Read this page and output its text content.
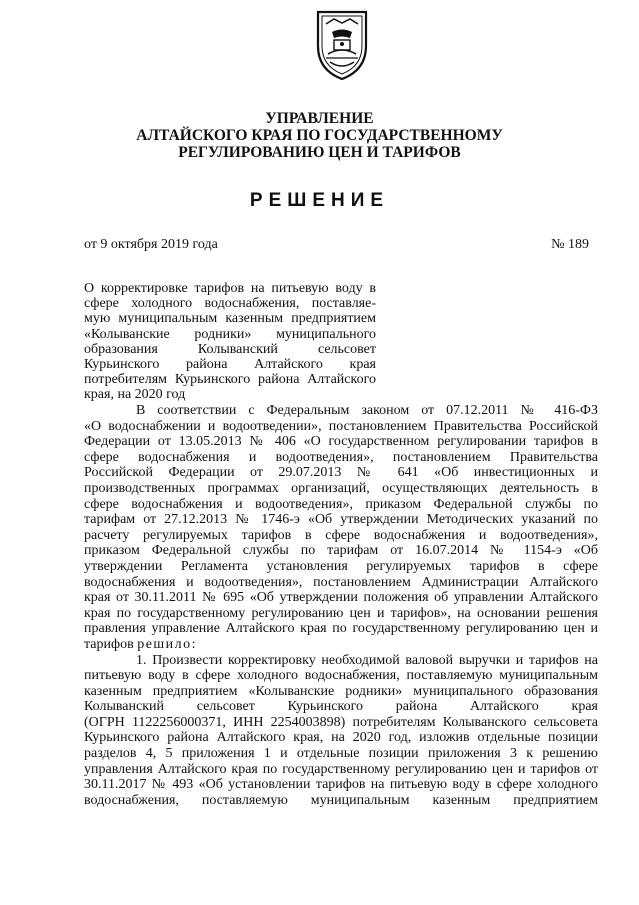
УПРАВЛЕНИЕ
АЛТАЙСКОГО КРАЯ ПО ГОСУДАРСТВЕННОМУ
РЕГУЛИРОВАНИЮ ЦЕН И ТАРИФОВ
РЕШЕНИЕ
от 9 октября 2019 года	№ 189
О корректировке тарифов на питьевую воду в
сфере холодного водоснабжения, поставляе-
мую муниципальным казенным предприятием
«Колыванские родники» муниципального
образования Колыванский сельсовет
Курьинского района Алтайского края
потребителям Курьинского района Алтайского
края, на 2020 год
В соответствии с Федеральным законом от 07.12.2011 № 416-ФЗ
«О водоснабжении и водоотведении», постановлением Правительства Российской
Федерации от 13.05.2013 № 406 «О государственном регулировании тарифов в
сфере водоснабжения и водоотведения», постановлением Правительства
Российской Федерации от 29.07.2013 № 641 «Об инвестиционных и
производственных программах организаций, осуществляющих деятельность в
сфере водоснабжения и водоотведения», приказом Федеральной службы по
тарифам от 27.12.2013 № 1746-э «Об утверждении Методических указаний по
расчету регулируемых тарифов в сфере водоснабжения и водоотведения»,
приказом Федеральной службы по тарифам от 16.07.2014 № 1154-э «Об
утверждении Регламента установления регулируемых тарифов в сфере
водоснабжения и водоотведения», постановлением Администрации Алтайского
края от 30.11.2011 № 695 «Об утверждении положения об управлении Алтайского
края по государственному регулированию цен и тарифов», на основании решения
правления управление Алтайского края по государственному регулированию цен и
тарифов решило:
1. Произвести корректировку необходимой валовой выручки и тарифов на
питьевую воду в сфере холодного водоснабжения, поставляемую муниципальным
казенным предприятием «Колыванские родники» муниципального образования
Колыванский сельсовет Курьинского района Алтайского края
(ОГРН 1122256000371, ИНН 2254003898) потребителям Колыванского сельсовета
Курьинского района Алтайского края, на 2020 год, изложив отдельные позиции
разделов 4, 5 приложения 1 и отдельные позиции приложения 3 к решению
управления Алтайского края по государственному регулированию цен и тарифов от
30.11.2017 № 493 «Об установлении тарифов на питьевую воду в сфере холодного
водоснабжения, поставляемую муниципальным казенным предприятием
